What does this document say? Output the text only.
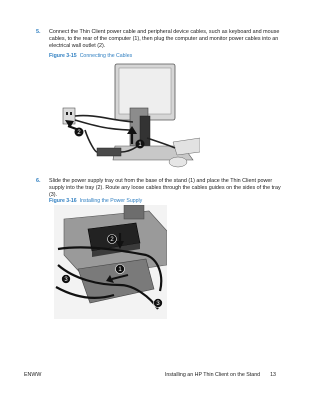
5. Connect the Thin Client power cable and peripheral device cables, such as keyboard and mouse cables, to the rear of the computer (1), then plug the computer and monitor power cables into an electrical wall outlet (2).
Figure 3-15 Connecting the Cables
1
2
6. Slide the power supply tray out from the base of the stand (1) and place the Thin Client power supply into the tray (2). Route any loose cables through the cables guides on the sides of the tray (3).
Figure 3-16 Installing the Power Supply
2
1
3
3
ENWW	Installing an HP Thin Client on the Stand 13
